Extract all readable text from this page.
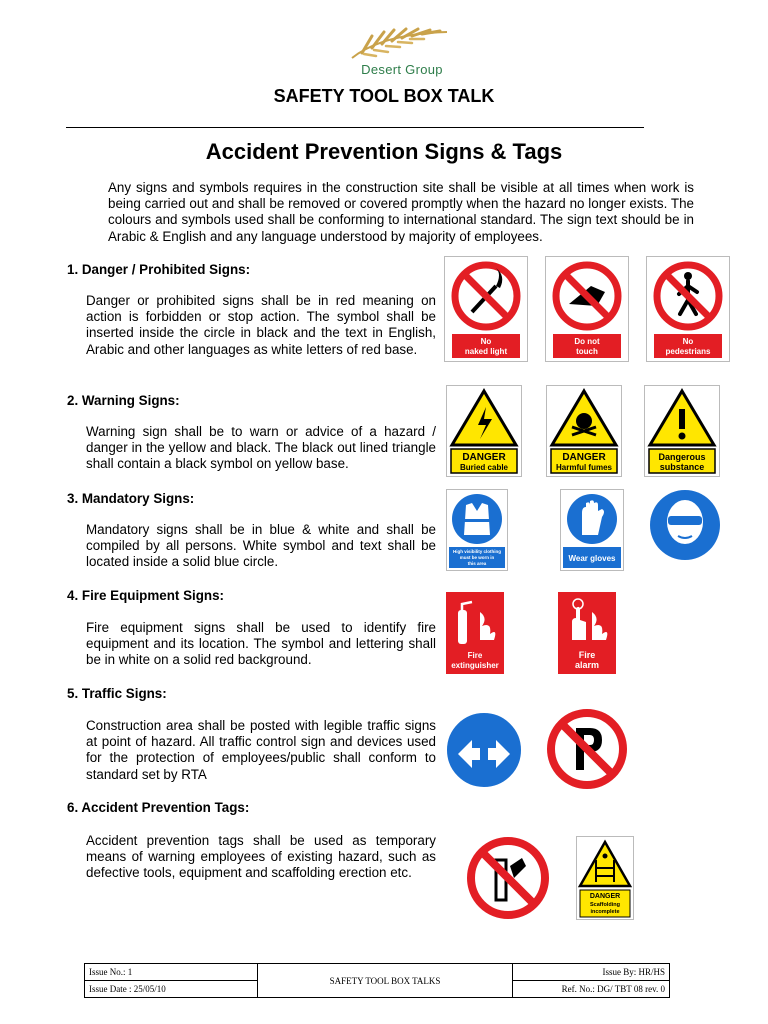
Desert Group
SAFETY TOOL BOX TALK
Accident Prevention Signs & Tags
Any signs and symbols requires in the construction site shall be visible at all times when work is being carried out and shall be removed or covered promptly when the hazard no longer exists. The colours and symbols used shall be conforming to international standard. The sign text should be in Arabic & English and any language understood by majority of employees.
1. Danger / Prohibited Signs:
Danger or prohibited signs shall be in red meaning on action is forbidden or stop action. The symbol shall be inserted inside the circle in black and the text in English, Arabic and other languages as white letters of red base.
No
naked light
Do not
touch
No
pedestrians
2. Warning Signs:
Warning sign shall be to warn or advice of a hazard / danger in the yellow and black. The black out lined triangle shall contain a black symbol on yellow base.	DANGER
Buried cable
DANGER
Harmful fumes
Dangerous
substance
3. Mandatory Signs:
Mandatory signs shall be in blue & white and shall be compiled by all persons. White symbol and text shall be located inside a solid blue circle.
High visibility clothing
must be worn in
this area
Wear gloves
4. Fire Equipment Signs:
Fire equipment signs shall be used to identify fire equipment and its location. The symbol and lettering shall be in white on a solid red background.	Fire
extinguisher
Fire
alarm
5. Traffic Signs:
Construction area shall be posted with legible traffic signs at point of hazard. All traffic control sign and devices used for the protection of employees/public shall conform to standard set by RTA
6. Accident Prevention Tags:
Accident prevention tags shall be used as temporary means of warning employees of existing hazard, such as defective tools, equipment and scaffolding erection etc.
DANGER
Scaffolding
incomplete
Issue No.: 1	SAFETY TOOL BOX TALKS	Issue By: HR/HS
Issue Date : 25/05/10		Ref. No.: DG/ TBT 08 rev. 0
